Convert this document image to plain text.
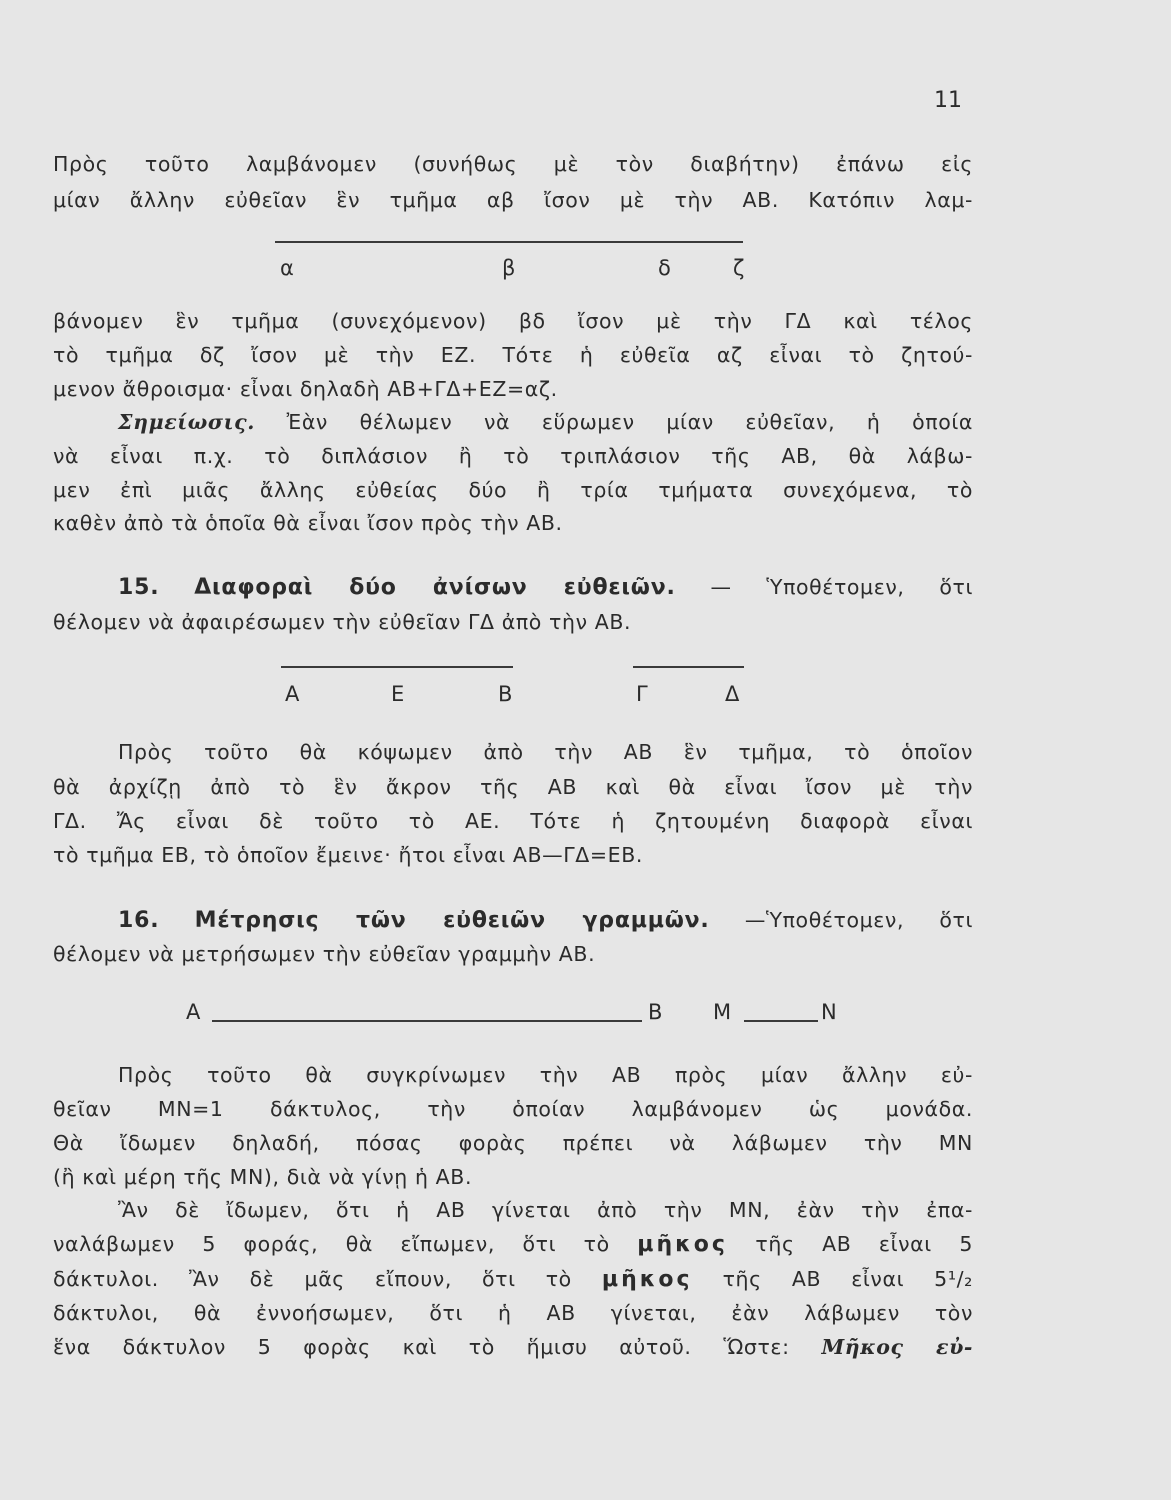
11
Πρὸς τοῦτο λαμβάνομεν (συνήθως μὲ τὸν διαβήτην) ἐπάνω εἰς
μίαν ἄλλην εὐθεῖαν ἓν τμῆμα αβ ἴσον μὲ τὴν ΑΒ. Κατόπιν λαμ-
α	β	δ	ζ
βάνομεν ἓν τμῆμα (συνεχόμενον) βδ ἴσον μὲ τὴν ΓΔ καὶ τέλος
τὸ τμῆμα δζ ἴσον μὲ τὴν ΕΖ. Τότε ἡ εὐθεῖα αζ εἶναι τὸ ζητού-
μενον ἄθροισμα· εἶναι δηλαδὴ ΑΒ+ΓΔ+ΕΖ=αζ.
Σημείωσις. Ἐὰν θέλωμεν νὰ εὕρωμεν μίαν εὐθεῖαν, ἡ ὁποία
νὰ εἶναι π.χ. τὸ διπλάσιον ἢ τὸ τριπλάσιον τῆς ΑΒ, θὰ λάβω-
μεν ἐπὶ μιᾶς ἄλλης εὐθείας δύο ἢ τρία τμήματα συνεχόμενα, τὸ
καθὲν ἀπὸ τὰ ὁποῖα θὰ εἶναι ἴσον πρὸς τὴν ΑΒ.
15. Διαφοραὶ δύο ἀνίσων εὐθειῶν. — Ὑποθέτομεν, ὅτι
θέλομεν νὰ ἀφαιρέσωμεν τὴν εὐθεῖαν ΓΔ ἀπὸ τὴν ΑΒ.
Α	Ε	Β	Γ	Δ
Πρὸς τοῦτο θὰ κόψωμεν ἀπὸ τὴν ΑΒ ἓν τμῆμα, τὸ ὁποῖον
θὰ ἀρχίζῃ ἀπὸ τὸ ἓν ἄκρον τῆς ΑΒ καὶ θὰ εἶναι ἴσον μὲ τὴν
ΓΔ. Ἄς εἶναι δὲ τοῦτο τὸ ΑΕ. Τότε ἡ ζητουμένη διαφορὰ εἶναι
τὸ τμῆμα ΕΒ, τὸ ὁποῖον ἔμεινε· ἤτοι εἶναι ΑΒ—ΓΔ=ΕΒ.
16. Μέτρησις τῶν εὐθειῶν γραμμῶν. —Ὑποθέτομεν, ὅτι
θέλομεν νὰ μετρήσωμεν τὴν εὐθεῖαν γραμμὴν ΑΒ.
Α	Β Μ	Ν
Πρὸς τοῦτο θὰ συγκρίνωμεν τὴν ΑΒ πρὸς μίαν ἄλλην εὐ-
θεῖαν ΜΝ=1 δάκτυλος, τὴν ὁποίαν λαμβάνομεν ὡς μονάδα.
Θὰ ἴδωμεν δηλαδή, πόσας φορὰς πρέπει νὰ λάβωμεν τὴν ΜΝ
(ἢ καὶ μέρη τῆς ΜΝ), διὰ νὰ γίνῃ ἡ ΑΒ.
Ἂν δὲ ἴδωμεν, ὅτι ἡ ΑΒ γίνεται ἀπὸ τὴν ΜΝ, ἐὰν τὴν ἐπα-
ναλάβωμεν 5 φοράς, θὰ εἴπωμεν, ὅτι τὸ μῆκος τῆς ΑΒ εἶναι 5
δάκτυλοι. Ἂν δὲ μᾶς εἴπουν, ὅτι τὸ μῆκος τῆς ΑΒ εἶναι 5¹/₂
δάκτυλοι, θὰ ἐννοήσωμεν, ὅτι ἡ ΑΒ γίνεται, ἐὰν λάβωμεν τὸν
ἕνα δάκτυλον 5 φορὰς καὶ τὸ ἥμισυ αὐτοῦ. Ὥστε: Μῆκος εὐ-
